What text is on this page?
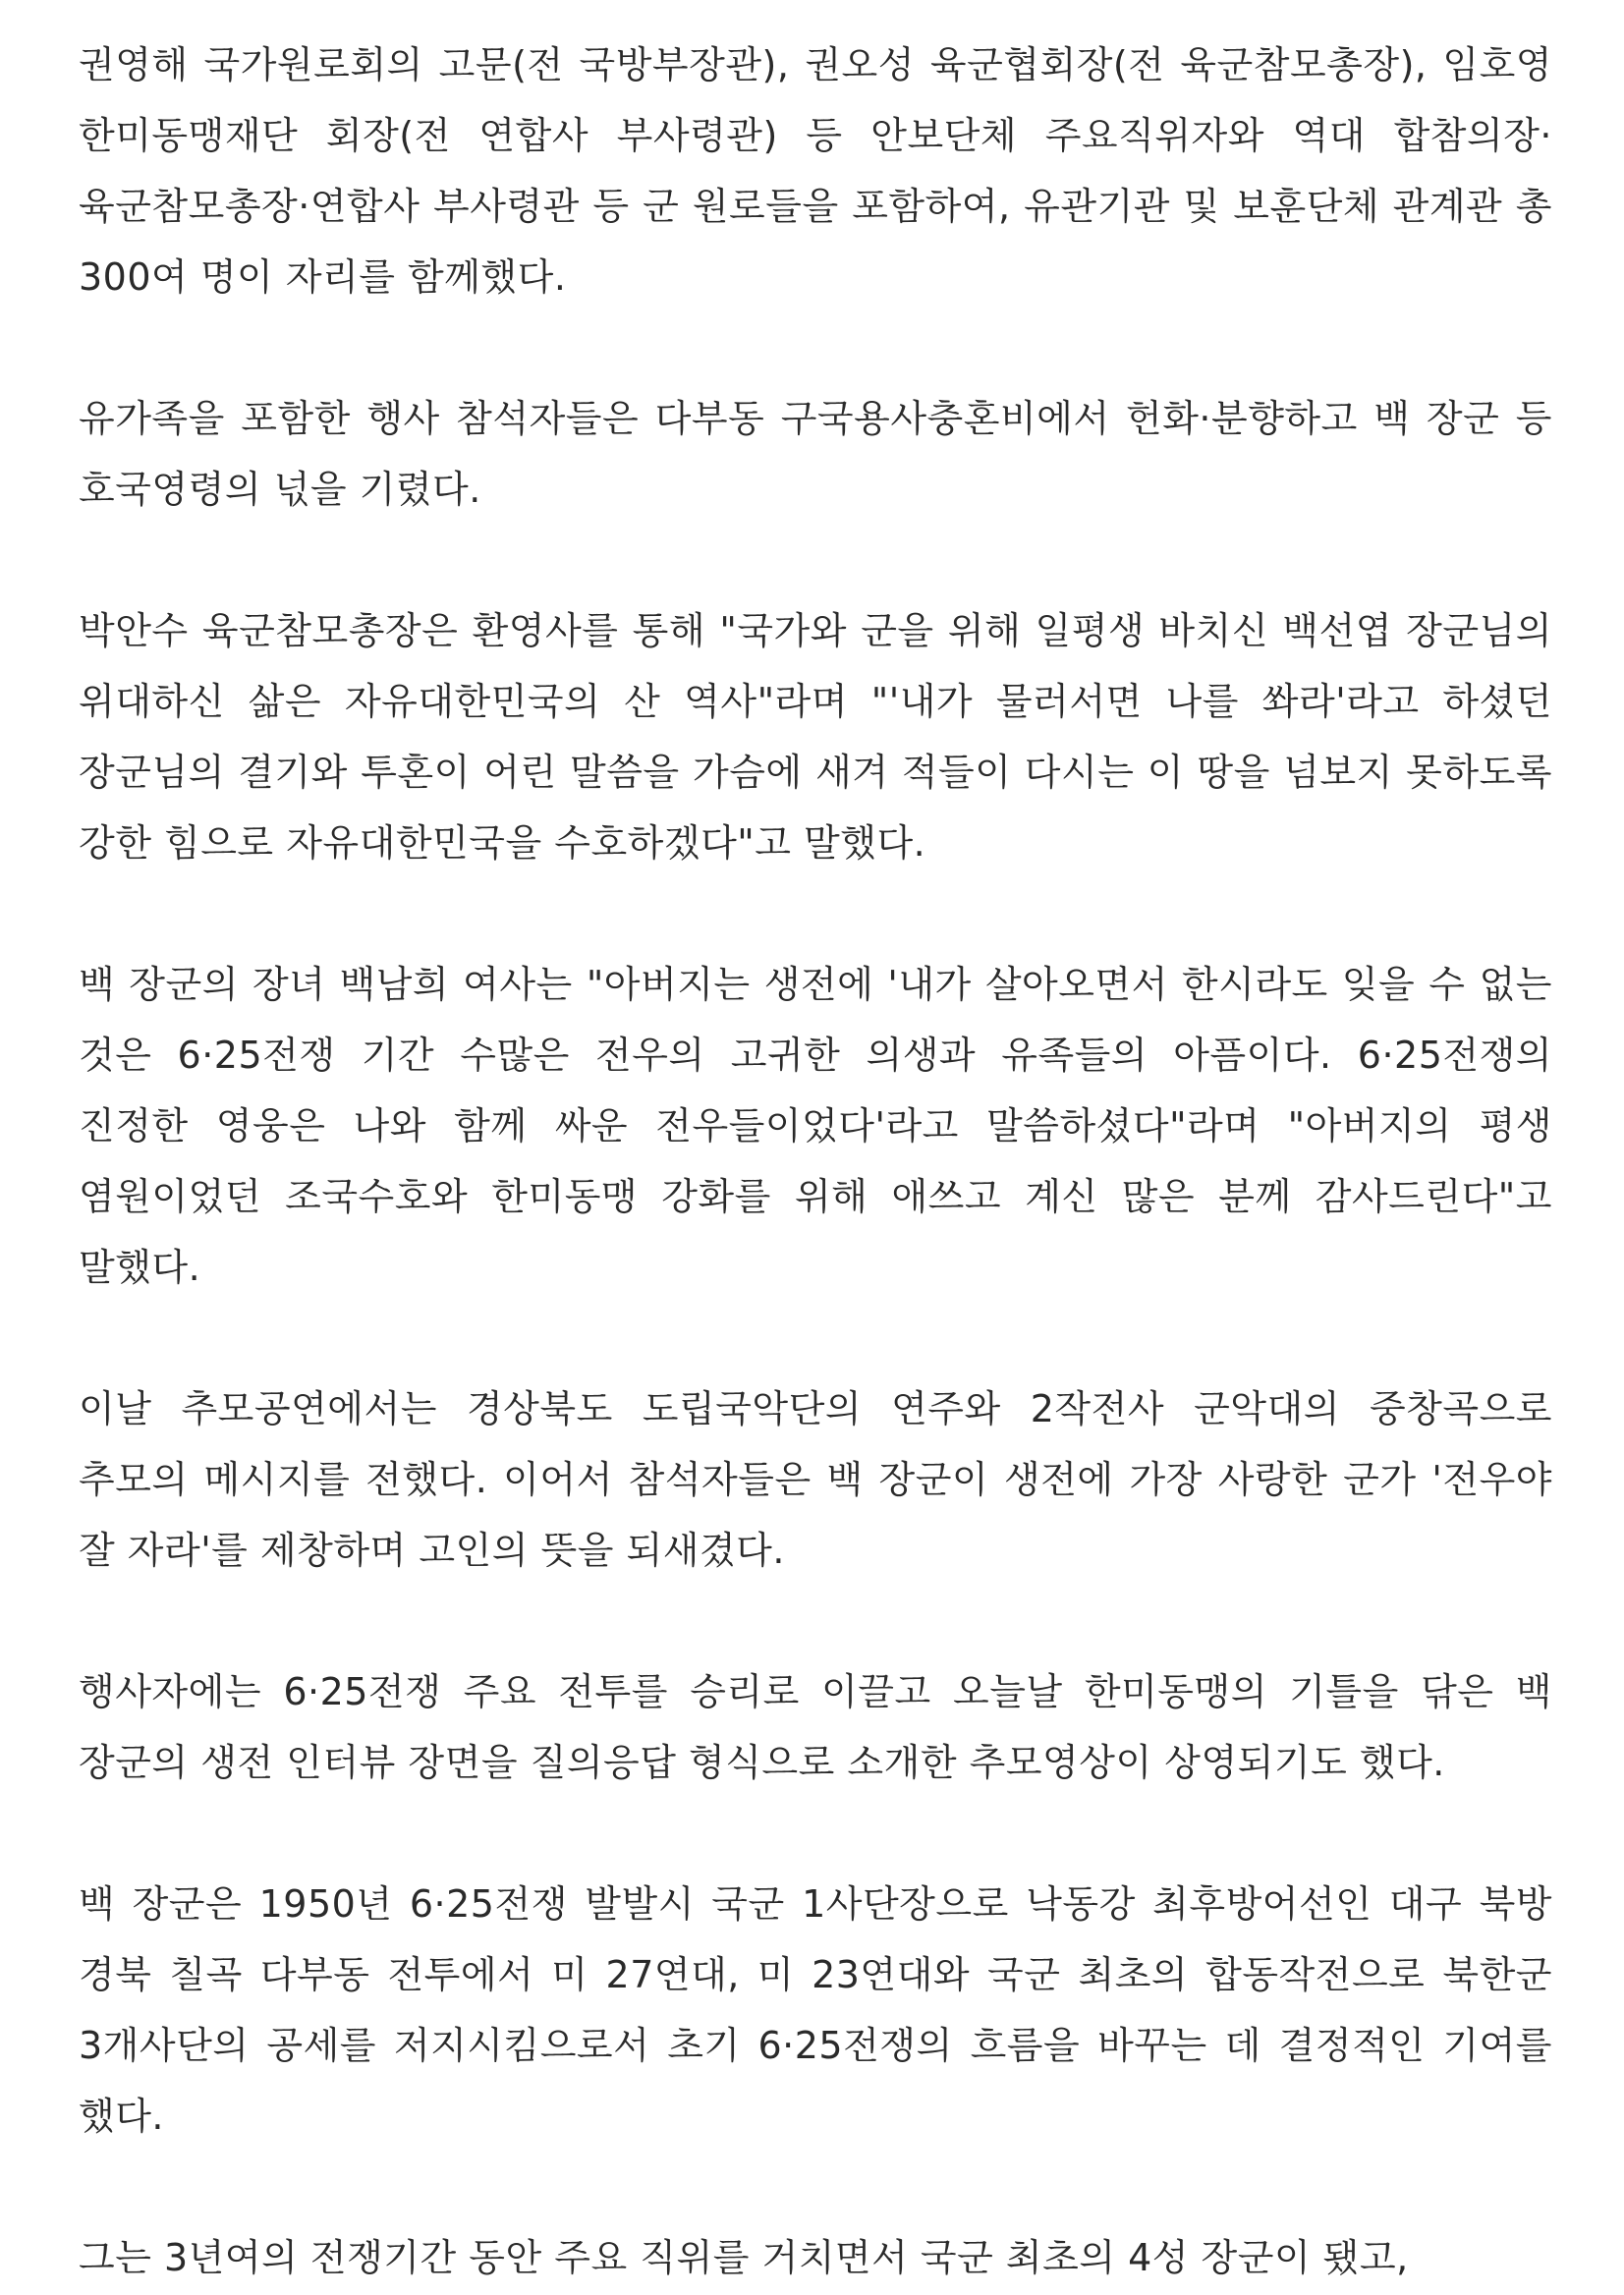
권영해 국가원로회의 고문(전 국방부장관), 권오성 육군협회장(전 육군참모총장), 임호영 한미동맹재단 회장(전 연합사 부사령관) 등 안보단체 주요직위자와 역대 합참의장·육군참모총장·연합사 부사령관 등 군 원로들을 포함하여, 유관기관 및 보훈단체 관계관 총 300여 명이 자리를 함께했다.

유가족을 포함한 행사 참석자들은 다부동 구국용사충혼비에서 헌화·분향하고 백 장군 등 호국영령의 넋을 기렸다.

박안수 육군참모총장은 환영사를 통해 "국가와 군을 위해 일평생 바치신 백선엽 장군님의 위대하신 삶은 자유대한민국의 산 역사"라며 "'내가 물러서면 나를 쏴라'라고 하셨던 장군님의 결기와 투혼이 어린 말씀을 가슴에 새겨 적들이 다시는 이 땅을 넘보지 못하도록 강한 힘으로 자유대한민국을 수호하겠다"고 말했다.

백 장군의 장녀 백남희 여사는 "아버지는 생전에 '내가 살아오면서 한시라도 잊을 수 없는 것은 6·25전쟁 기간 수많은 전우의 고귀한 의생과 유족들의 아픔이다. 6·25전쟁의 진정한 영웅은 나와 함께 싸운 전우들이었다'라고 말씀하셨다"라며 "아버지의 평생 염원이었던 조국수호와 한미동맹 강화를 위해 애쓰고 계신 많은 분께 감사드린다"고 말했다.

이날 추모공연에서는 경상북도 도립국악단의 연주와 2작전사 군악대의 중창곡으로 추모의 메시지를 전했다. 이어서 참석자들은 백 장군이 생전에 가장 사랑한 군가 '전우야 잘 자라'를 제창하며 고인의 뜻을 되새겼다.

행사자에는 6·25전쟁 주요 전투를 승리로 이끌고 오늘날 한미동맹의 기틀을 닦은 백 장군의 생전 인터뷰 장면을 질의응답 형식으로 소개한 추모영상이 상영되기도 했다.

백 장군은 1950년 6·25전쟁 발발시 국군 1사단장으로 낙동강 최후방어선인 대구 북방 경북 칠곡 다부동 전투에서 미 27연대, 미 23연대와 국군 최초의 합동작전으로 북한군 3개사단의 공세를 저지시킴으로서 초기 6·25전쟁의 흐름을 바꾸는 데 결정적인 기여를 했다.

그는 3년여의 전쟁기간 동안 주요 직위를 거치면서 국군 최초의 4성 장군이 됐고,
